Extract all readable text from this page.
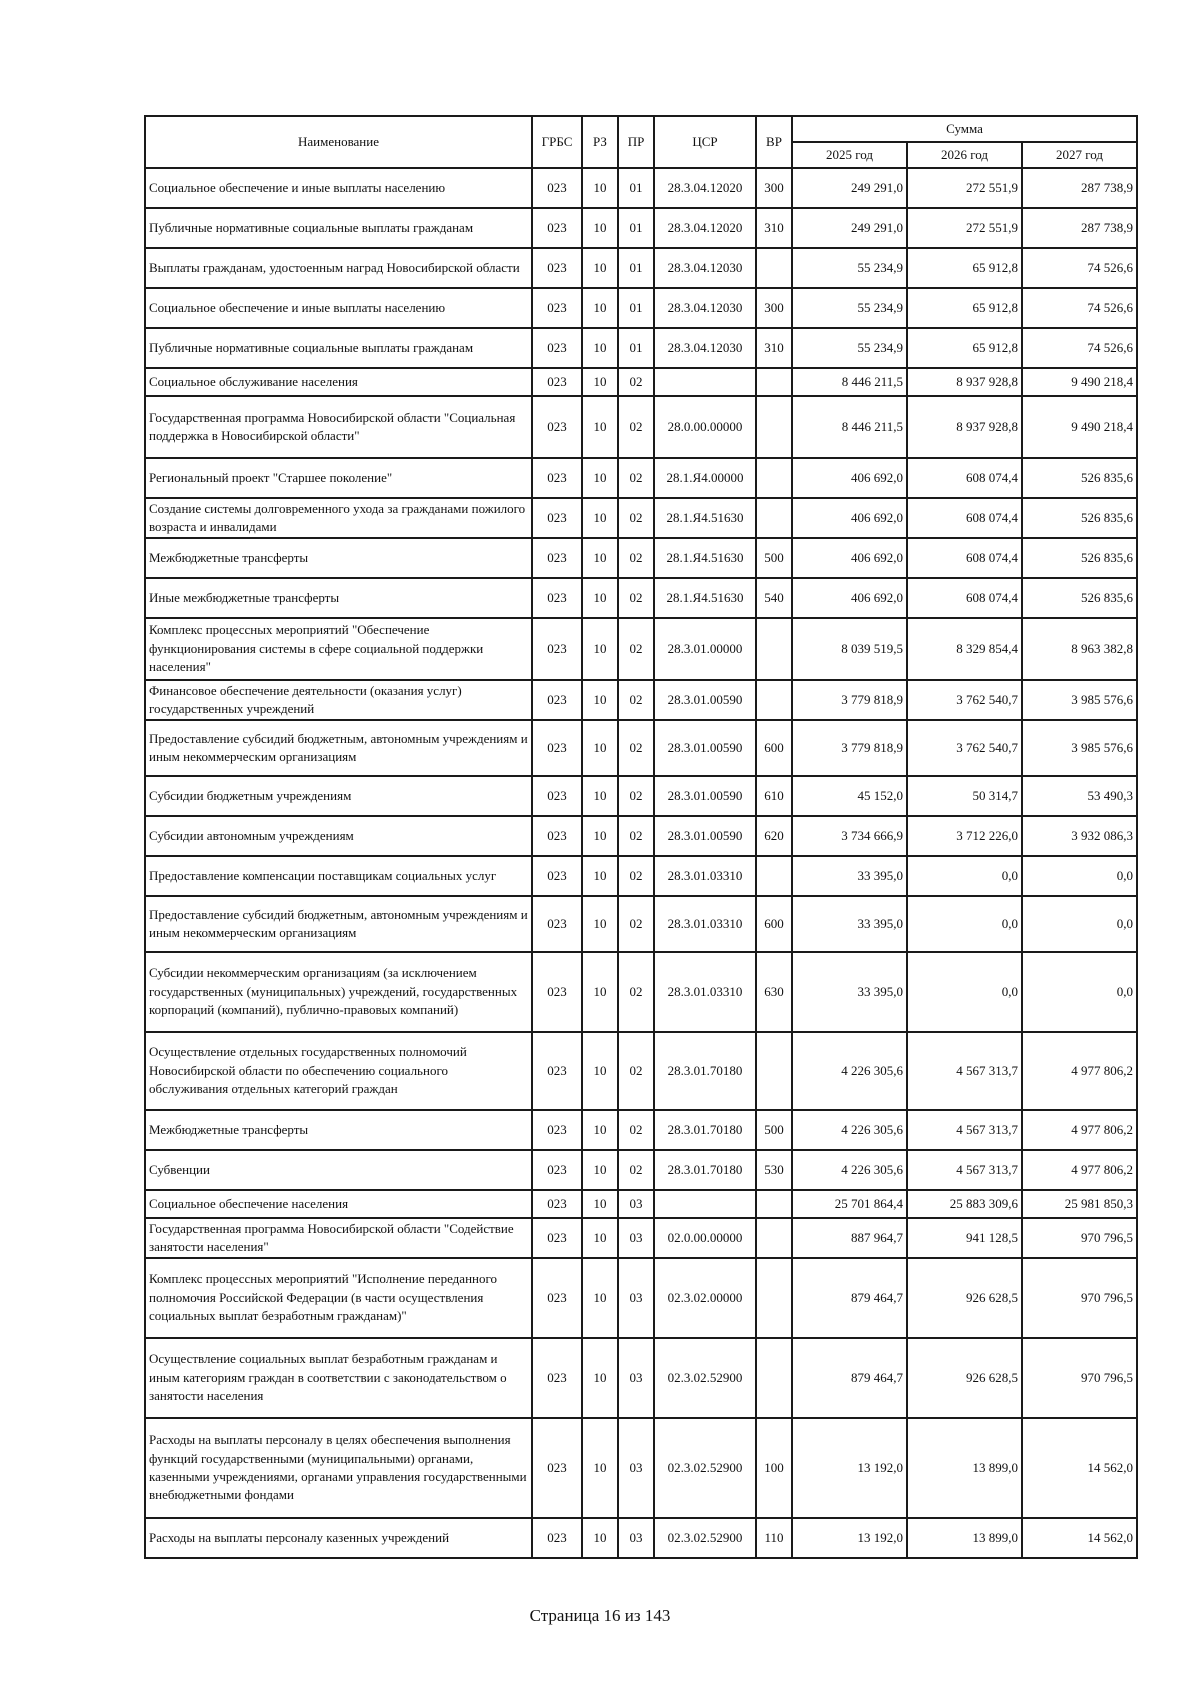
Наименование	ГРБС	РЗ	ПР	ЦСР	ВР	Сумма		
						2025 год	2026 год	2027 год
Социальное обеспечение и иные выплаты населению	023	10	01	28.3.04.12020	300	249 291,0	272 551,9	287 738,9
Публичные нормативные социальные выплаты гражданам	023	10	01	28.3.04.12020	310	249 291,0	272 551,9	287 738,9
Выплаты гражданам, удостоенным наград Новосибирской области	023	10	01	28.3.04.12030		55 234,9	65 912,8	74 526,6
Социальное обеспечение и иные выплаты населению	023	10	01	28.3.04.12030	300	55 234,9	65 912,8	74 526,6
Публичные нормативные социальные выплаты гражданам	023	10	01	28.3.04.12030	310	55 234,9	65 912,8	74 526,6
Социальное обслуживание населения	023	10	02			8 446 211,5	8 937 928,8	9 490 218,4
Государственная программа Новосибирской области "Социальная поддержка в Новосибирской области"	023	10	02	28.0.00.00000		8 446 211,5	8 937 928,8	9 490 218,4
Региональный проект "Старшее поколение"	023	10	02	28.1.Я4.00000		406 692,0	608 074,4	526 835,6
Создание системы долговременного ухода за гражданами пожилого возраста и инвалидами	023	10	02	28.1.Я4.51630		406 692,0	608 074,4	526 835,6
Межбюджетные трансферты	023	10	02	28.1.Я4.51630	500	406 692,0	608 074,4	526 835,6
Иные межбюджетные трансферты	023	10	02	28.1.Я4.51630	540	406 692,0	608 074,4	526 835,6
Комплекс процессных мероприятий "Обеспечение функционирования системы в сфере социальной поддержки населения"	023	10	02	28.3.01.00000		8 039 519,5	8 329 854,4	8 963 382,8
Финансовое обеспечение деятельности (оказания услуг) государственных учреждений	023	10	02	28.3.01.00590		3 779 818,9	3 762 540,7	3 985 576,6
Предоставление субсидий бюджетным, автономным учреждениям и иным некоммерческим организациям	023	10	02	28.3.01.00590	600	3 779 818,9	3 762 540,7	3 985 576,6
Субсидии бюджетным учреждениям	023	10	02	28.3.01.00590	610	45 152,0	50 314,7	53 490,3
Субсидии автономным учреждениям	023	10	02	28.3.01.00590	620	3 734 666,9	3 712 226,0	3 932 086,3
Предоставление компенсации поставщикам социальных услуг	023	10	02	28.3.01.03310		33 395,0	0,0	0,0
Предоставление субсидий бюджетным, автономным учреждениям и иным некоммерческим организациям	023	10	02	28.3.01.03310	600	33 395,0	0,0	0,0
Субсидии некоммерческим организациям (за исключением государственных (муниципальных) учреждений, государственных корпораций (компаний), публично-правовых компаний)	023	10	02	28.3.01.03310	630	33 395,0	0,0	0,0
Осуществление отдельных государственных полномочий Новосибирской области по обеспечению социального обслуживания отдельных категорий граждан	023	10	02	28.3.01.70180		4 226 305,6	4 567 313,7	4 977 806,2
Межбюджетные трансферты	023	10	02	28.3.01.70180	500	4 226 305,6	4 567 313,7	4 977 806,2
Субвенции	023	10	02	28.3.01.70180	530	4 226 305,6	4 567 313,7	4 977 806,2
Социальное обеспечение населения	023	10	03			25 701 864,4	25 883 309,6	25 981 850,3
Государственная программа Новосибирской области "Содействие занятости населения"	023	10	03	02.0.00.00000		887 964,7	941 128,5	970 796,5
Комплекс процессных мероприятий "Исполнение переданного полномочия Российской Федерации (в части осуществления социальных выплат безработным гражданам)"	023	10	03	02.3.02.00000		879 464,7	926 628,5	970 796,5
Осуществление социальных выплат безработным гражданам и иным категориям граждан в соответствии с законодательством о занятости населения	023	10	03	02.3.02.52900		879 464,7	926 628,5	970 796,5
Расходы на выплаты персоналу в целях обеспечения выполнения функций государственными (муниципальными) органами, казенными учреждениями, органами управления государственными внебюджетными фондами	023	10	03	02.3.02.52900	100	13 192,0	13 899,0	14 562,0
Расходы на выплаты персоналу казенных учреждений	023	10	03	02.3.02.52900	110	13 192,0	13 899,0	14 562,0
Страница 16 из 143
